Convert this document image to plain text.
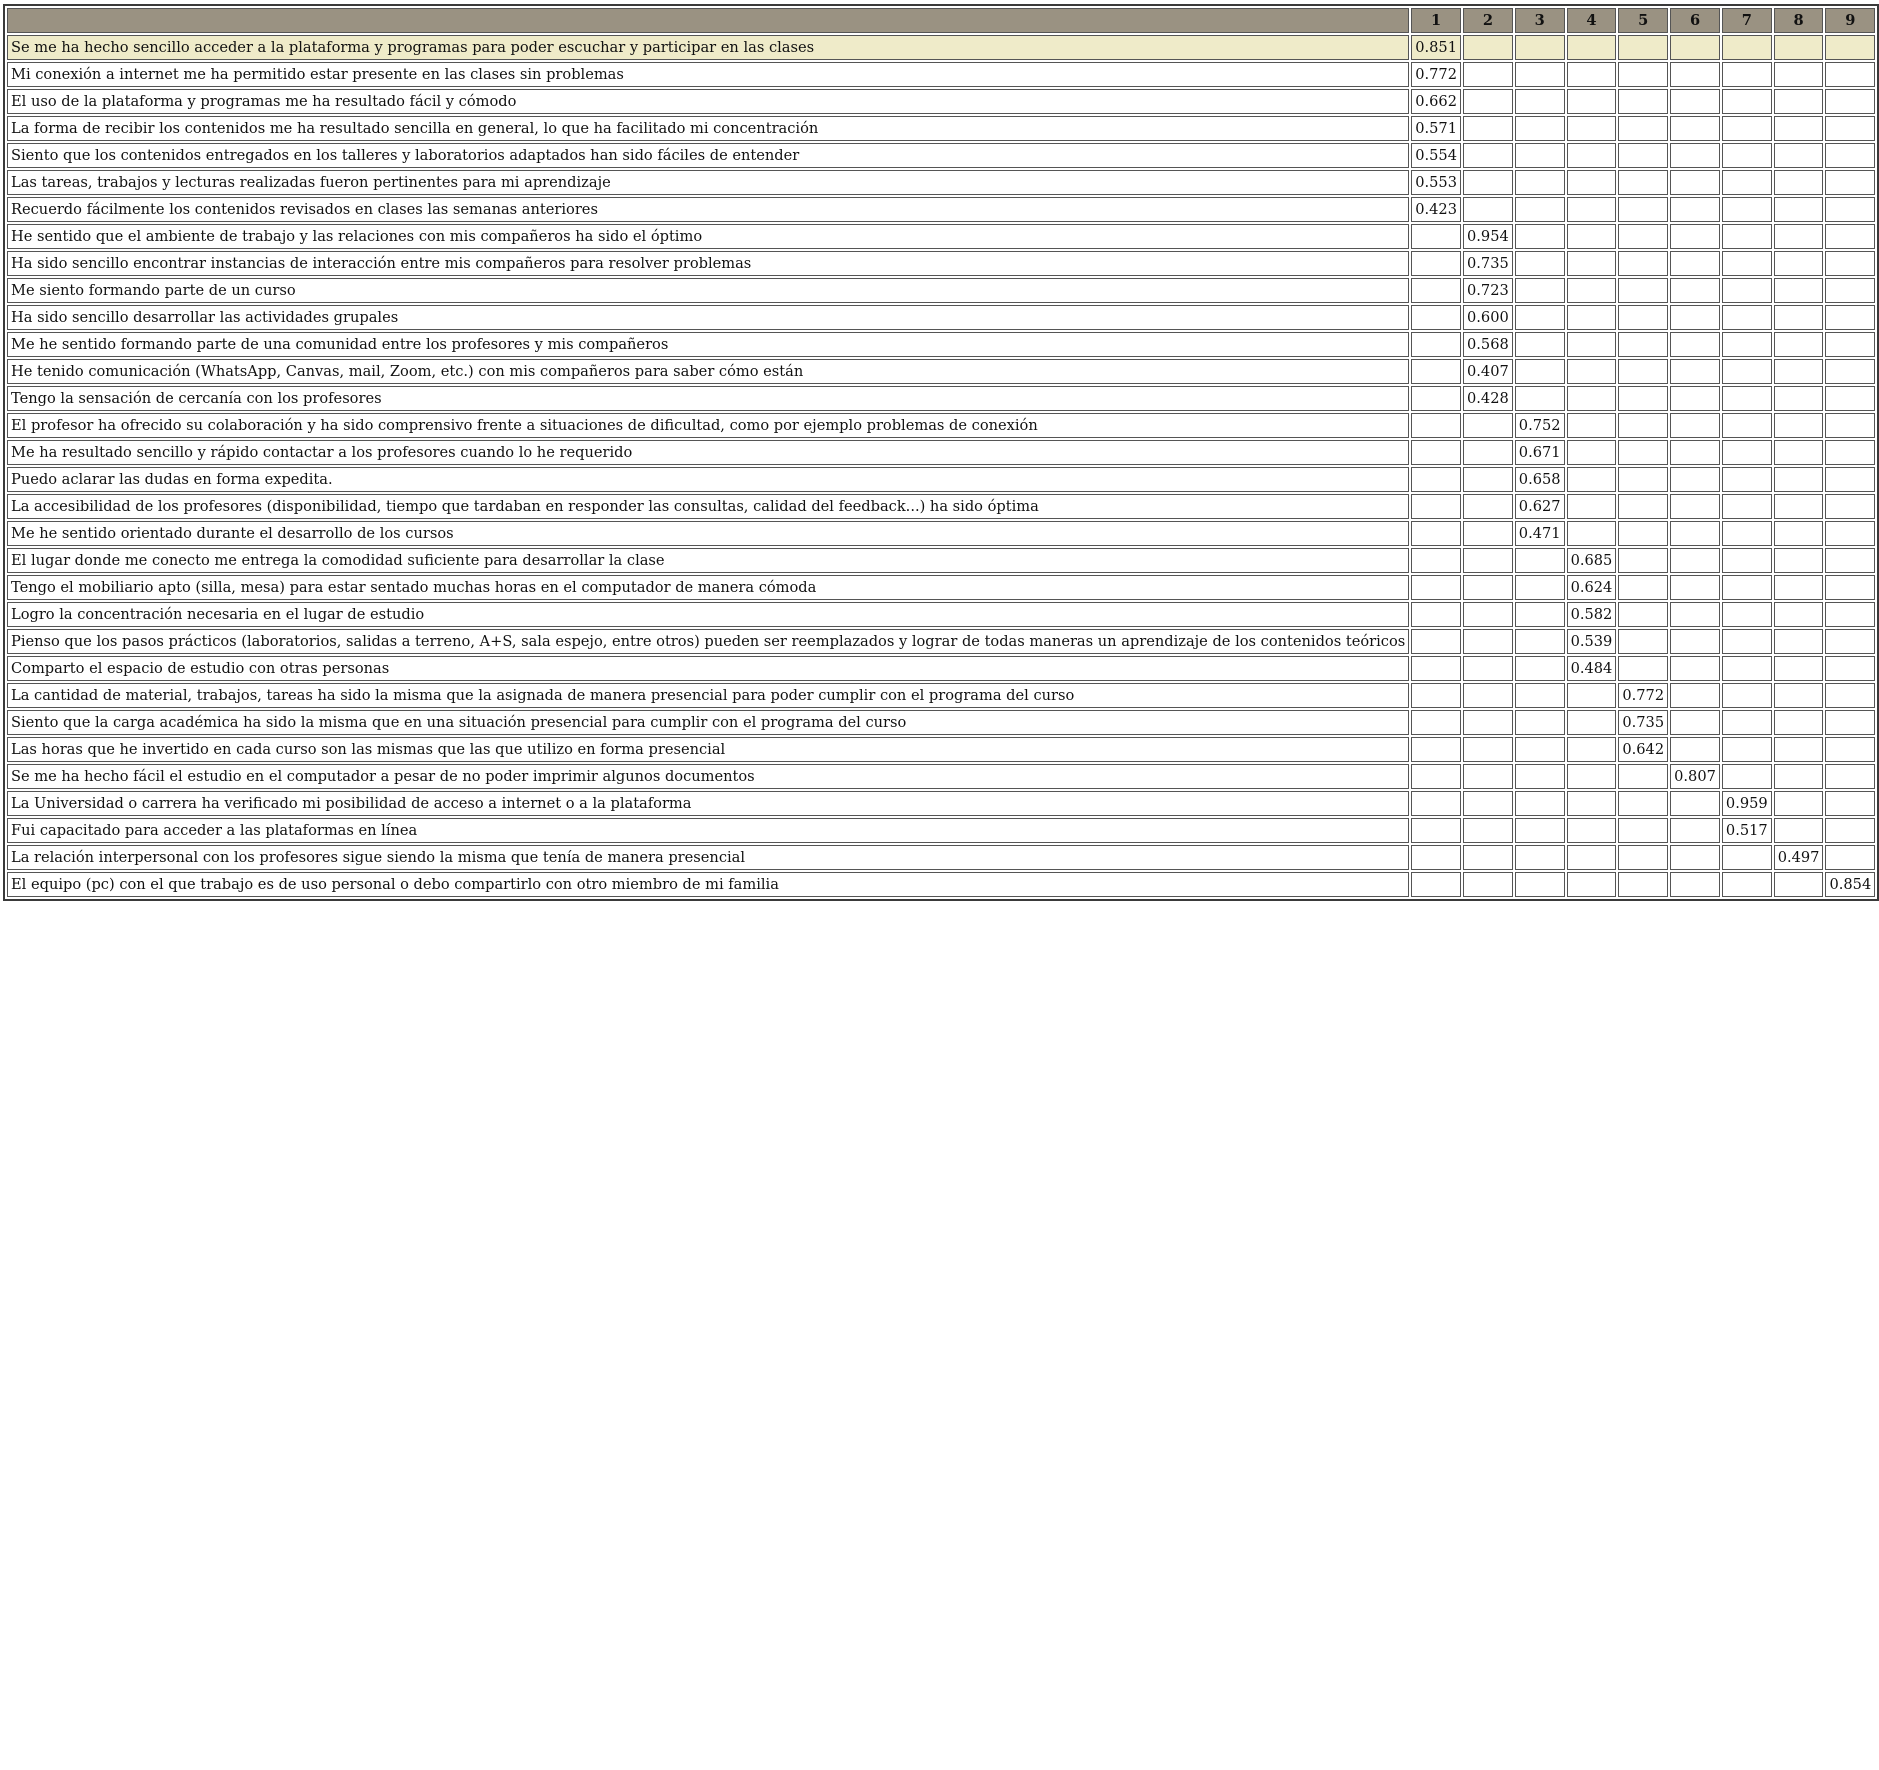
	1	2	3	4	5	6	7	8	9
Se me ha hecho sencillo acceder a la plataforma y programas para poder escuchar y participar en las clases	0.851								
Mi conexión a internet me ha permitido estar presente en las clases sin problemas	0.772								
El uso de la plataforma y programas me ha resultado fácil y cómodo	0.662								
La forma de recibir los contenidos me ha resultado sencilla en general, lo que ha facilitado mi concentración	0.571								
Siento que los contenidos entregados en los talleres y laboratorios adaptados han sido fáciles de entender	0.554								
Las tareas, trabajos y lecturas realizadas fueron pertinentes para mi aprendizaje	0.553								
Recuerdo fácilmente los contenidos revisados en clases las semanas anteriores	0.423								
He sentido que el ambiente de trabajo y las relaciones con mis compañeros ha sido el óptimo		0.954							
Ha sido sencillo encontrar instancias de interacción entre mis compañeros para resolver problemas		0.735							
Me siento formando parte de un curso		0.723							
Ha sido sencillo desarrollar las actividades grupales		0.600							
Me he sentido formando parte de una comunidad entre los profesores y mis compañeros		0.568							
He tenido comunicación (WhatsApp, Canvas, mail, Zoom, etc.) con mis compañeros para saber cómo están		0.407							
Tengo la sensación de cercanía con los profesores		0.428							
El profesor ha ofrecido su colaboración y ha sido comprensivo frente a situaciones de dificultad, como por ejemplo problemas de conexión			0.752						
Me ha resultado sencillo y rápido contactar a los profesores cuando lo he requerido			0.671						
Puedo aclarar las dudas en forma expedita.			0.658						
La accesibilidad de los profesores (disponibilidad, tiempo que tardaban en responder las consultas, calidad del feedback...) ha sido óptima			0.627						
Me he sentido orientado durante el desarrollo de los cursos			0.471						
El lugar donde me conecto me entrega la comodidad suficiente para desarrollar la clase				0.685					
Tengo el mobiliario apto (silla, mesa) para estar sentado muchas horas en el computador de manera cómoda				0.624					
Logro la concentración necesaria en el lugar de estudio				0.582					
Pienso que los pasos prácticos (laboratorios, salidas a terreno, A+S, sala espejo, entre otros) pueden ser reemplazados y lograr de todas maneras un aprendizaje de los contenidos teóricos				0.539					
Comparto el espacio de estudio con otras personas				0.484					
La cantidad de material, trabajos, tareas ha sido la misma que la asignada de manera presencial para poder cumplir con el programa del curso					0.772				
Siento que la carga académica ha sido la misma que en una situación presencial para cumplir con el programa del curso					0.735				
Las horas que he invertido en cada curso son las mismas que las que utilizo en forma presencial					0.642				
Se me ha hecho fácil el estudio en el computador a pesar de no poder imprimir algunos documentos						0.807			
La Universidad o carrera ha verificado mi posibilidad de acceso a internet o a la plataforma							0.959		
Fui capacitado para acceder a las plataformas en línea							0.517		
La relación interpersonal con los profesores sigue siendo la misma que tenía de manera presencial								0.497	
El equipo (pc) con el que trabajo es de uso personal o debo compartirlo con otro miembro de mi familia									0.854
